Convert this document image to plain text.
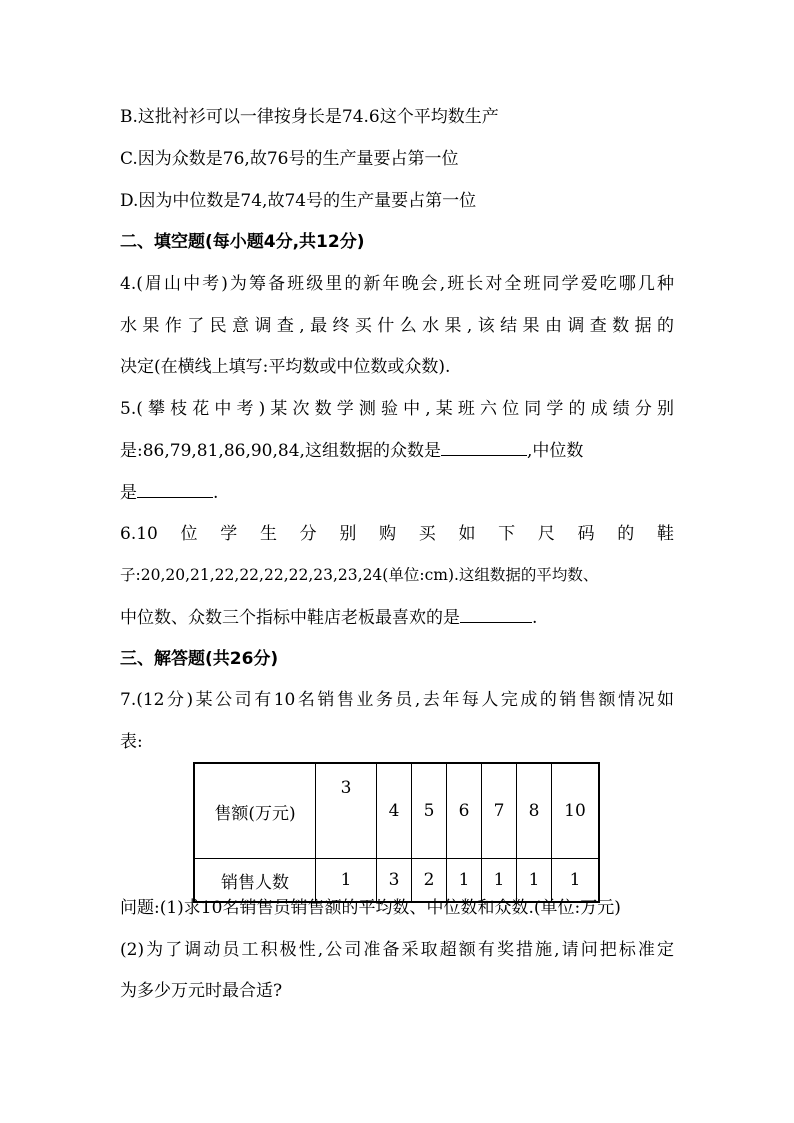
B.这批衬衫可以一律按身长是74.6这个平均数生产
C.因为众数是76,故76号的生产量要占第一位
D.因为中位数是74,故74号的生产量要占第一位
二、填空题(每小题4分,共12分)
4.(眉山中考)为筹备班级里的新年晚会,班长对全班同学爱吃哪几种
水果作了民意调查,最终买什么水果,该结果由调查数据的
决定(在横线上填写:平均数或中位数或众数).
5.(攀枝花中考)某次数学测验中,某班六位同学的成绩分别
是:86,79,81,86,90,84,这组数据的众数是	,中位数
是	.
6.10位学生分别购买如下尺码的鞋
子:20,20,21,22,22,22,22,23,23,24(单位:cm).这组数据的平均数、
中位数、众数三个指标中鞋店老板最喜欢的是	.
三、解答题(共26分)
7.(12分)某公司有10名销售业务员,去年每人完成的销售额情况如
表:
售额(万元)	3	4	5	6	7	8	10
销售人数	1	3	2	1	1	1	1
问题:(1)求10名销售员销售额的平均数、中位数和众数.(单位:万元)
(2)为了调动员工积极性,公司准备采取超额有奖措施,请问把标准定
为多少万元时最合适?
